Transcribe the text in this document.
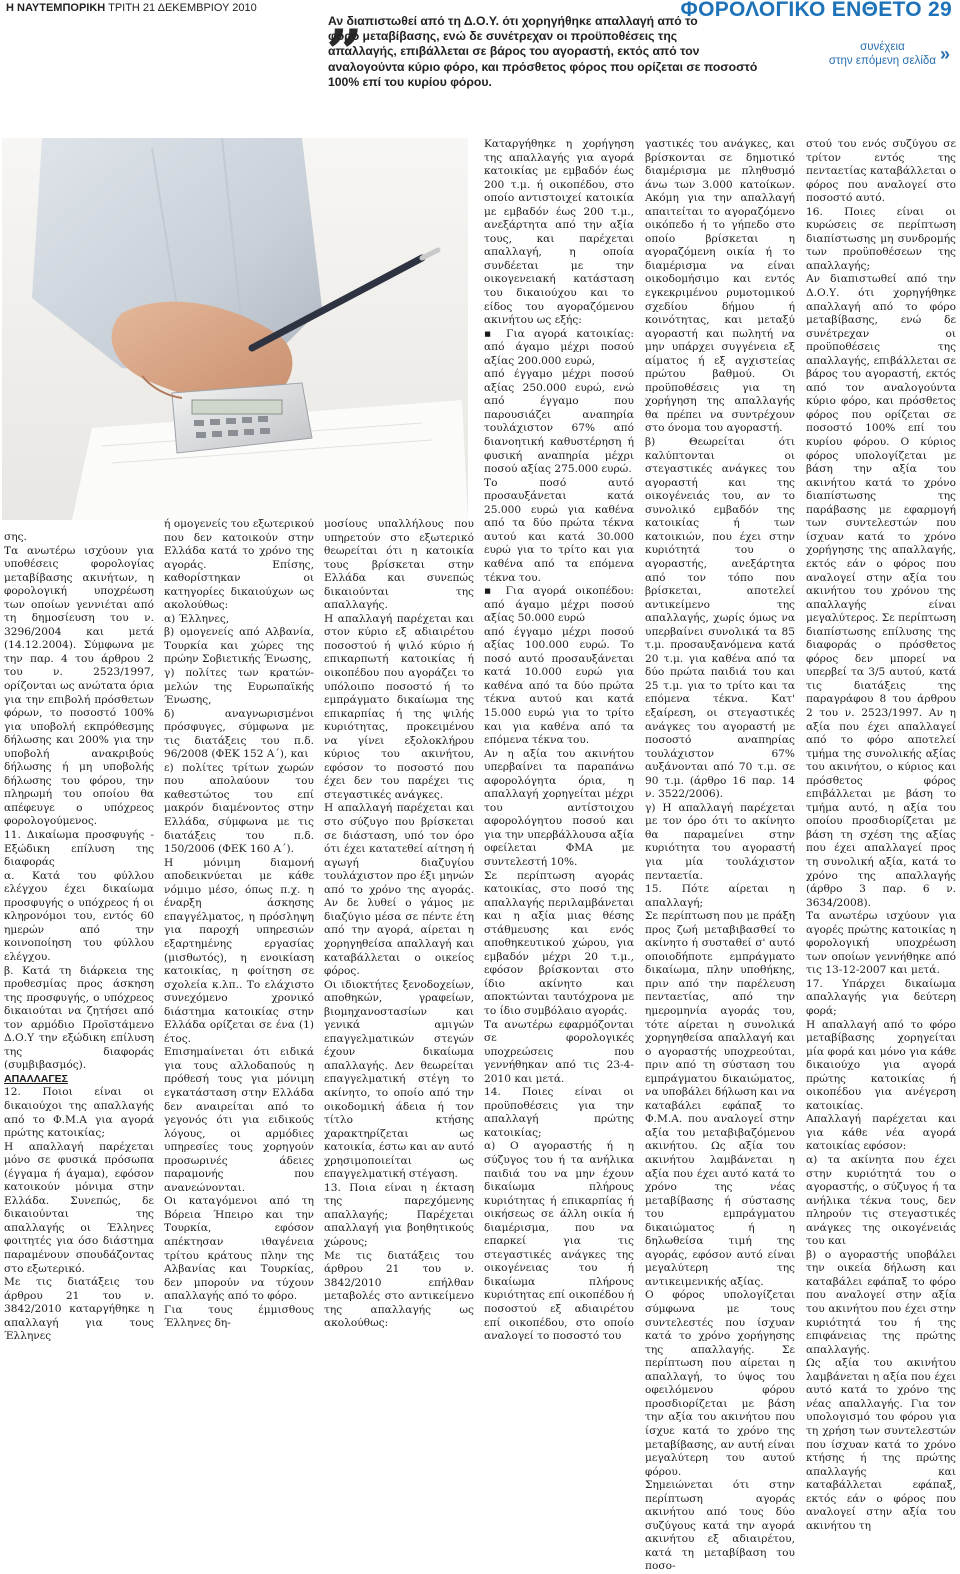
Η ΝΑΥΤΕΜΠΟΡΙΚΗ ΤΡΙΤΗ 21 ΔΕΚΕΜΒΡΙΟΥ 2010	ΦΟΡΟΛΟΓΙΚΟ ΕΝΘΕΤΟ 29
συνέχεια
στην επόμενη σελίδα »
”

Αν διαπιστωθεί από τη Δ.Ο.Υ. ότι χορηγήθηκε απαλλαγή από το

φόρο μεταβίβασης, ενώ δε συνέτρεχαν οι προϋποθέσεις της

απαλλαγής, επιβάλλεται σε βάρος του αγοραστή, εκτός από τον

αναλογούντα κύριο φόρο, και πρόσθετος φόρος που ορίζεται σε ποσοστό

100% επί του κυρίου φόρου.

σης.

Τα ανωτέρω ισχύουν για υποθέσεις φορολογίας μεταβίβασης ακινήτων, η φορολογική υποχρέωση των οποίων γεννιέται από τη δημοσίευση του ν. 3296/2004 και μετά (14.12.2004). Σύμφωνα με την παρ. 4 του άρθρου 2 του ν. 2523/1997, ορίζονται ως ανώτατα όρια για την επιβολή πρόσθετων φόρων, το ποσοστό 100% για υποβολή εκπρόθεσμης δήλωσης και 200% για την υποβολή ανακριβούς δήλωσης ή μη υποβολής δήλωσης του φόρου, την πληρωμή του οποίου θα απέφευγε ο υπόχρεος φορολογούμενος.

11. Δικαίωμα προσφυγής - Εξώδικη επίλυση της διαφοράς

α. Κατά του φύλλου ελέγχου έχει δικαίωμα προσφυγής ο υπόχρεος ή οι κληρονόμοι του, εντός 60 ημερών από την κοινοποίηση του φύλλου ελέγχου.

β. Κατά τη διάρκεια της προθεσμίας προς άσκηση της προσφυγής, ο υπόχρεος δικαιούται να ζητήσει από τον αρμόδιο Προϊστάμενο Δ.Ο.Υ την εξώδικη επίλυση της διαφοράς (συμβιβασμός).

ΑΠΑΛΛΑΓΕΣ

12. Ποιοι είναι οι δικαιούχοι της απαλλαγής από το Φ.Μ.Α για αγορά πρώτης κατοικίας;

Η απαλλαγή παρέχεται μόνο σε φυσικά πρόσωπα (έγγαμα ή άγαμα), εφόσον κατοικούν μόνιμα στην Ελλάδα. Συνεπώς, δε δικαιούνται της απαλλαγής οι Έλληνες φοιτητές για όσο διάστημα παραμένουν σπουδάζοντας στο εξωτερικό.

Με τις διατάξεις του άρθρου 21 του ν. 3842/2010 καταργήθηκε η απαλλαγή για τους Έλληνες

ή ομογενείς του εξωτερικού που δεν κατοικούν στην Ελλάδα κατά το χρόνο της αγοράς. Επίσης, καθορίστηκαν οι κατηγορίες δικαιούχων ως ακολούθως:

α) Έλληνες,

β) ομογενείς από Αλβανία, Τουρκία και χώρες της πρώην Σοβιετικής Ένωσης,

γ) πολίτες των κρατών-μελών της Ευρωπαϊκής Ένωσης,

δ) αναγνωρισμένοι πρόσφυγες, σύμφωνα με τις διατάξεις του π.δ. 96/2008 (ΦΕΚ 152 Α΄), και

ε) πολίτες τρίτων χωρών που απολαύουν του καθεστώτος του επί μακρόν διαμένοντος στην Ελλάδα, σύμφωνα με τις διατάξεις του π.δ. 150/2006 (ΦΕΚ 160 Α΄).

Η μόνιμη διαμονή αποδεικνύεται με κάθε νόμιμο μέσο, όπως π.χ. η έναρξη άσκησης επαγγέλματος, η πρόσληψη για παροχή υπηρεσιών εξαρτημένης εργασίας (μισθωτός), η ενοικίαση κατοικίας, η φοίτηση σε σχολεία κ.λπ.. Το ελάχιστο συνεχόμενο χρονικό διάστημα κατοικίας στην Ελλάδα ορίζεται σε ένα (1) έτος.

Επισημαίνεται ότι ειδικά για τους αλλοδαπούς η πρόθεσή τους για μόνιμη εγκατάσταση στην Ελλάδα δεν αναιρείται από το γεγονός ότι για ειδικούς λόγους, οι αρμόδιες υπηρεσίες τους χορηγούν προσωρινές άδειες παραμονής που ανανεώνονται.

Οι καταγόμενοι από τη Βόρεια Ήπειρο και την Τουρκία, εφόσον απέκτησαν ιθαγένεια τρίτου κράτους πλην της Αλβανίας και Τουρκίας, δεν μπορούν να τύχουν απαλλαγής από το φόρο.

Για τους έμμισθους Έλληνες δη-

μοσίους υπαλλήλους που υπηρετούν στο εξωτερικό θεωρείται ότι η κατοικία τους βρίσκεται στην Ελλάδα και συνεπώς δικαιούνται της απαλλαγής.

Η απαλλαγή παρέχεται και στον κύριο εξ αδιαιρέτου ποσοστού ή ψιλό κύριο ή επικαρπωτή κατοικίας ή οικοπέδου που αγοράζει το υπόλοιπο ποσοστό ή το εμπράγματο δικαίωμα της επικαρπίας ή της ψιλής κυριότητας, προκειμένου να γίνει εξολοκλήρου κύριος του ακινήτου, εφόσον το ποσοστό που έχει δεν του παρέχει τις στεγαστικές ανάγκες.

Η απαλλαγή παρέχεται και στο σύζυγο που βρίσκεται σε διάσταση, υπό τον όρο ότι έχει κατατεθεί αίτηση ή αγωγή διαζυγίου τουλάχιστον προ έξι μηνών από το χρόνο της αγοράς. Αν δε λυθεί ο γάμος με διαζύγιο μέσα σε πέντε έτη από την αγορά, αίρεται η χορηγηθείσα απαλλαγή και καταβάλλεται ο οικείος φόρος.

Οι ιδιοκτήτες ξενοδοχείων, αποθηκών, γραφείων, βιομηχανοστασίων και γενικά αμιγών επαγγελματικών στεγών έχουν δικαίωμα απαλλαγής. Δεν θεωρείται επαγγελματική στέγη το ακίνητο, το οποίο από την οικοδομική άδεια ή τον τίτλο κτήσης χαρακτηρίζεται ως κατοικία, έστω και αν αυτό χρησιμοποιείται ως επαγγελματική στέγαση.

13. Ποια είναι η έκταση της παρεχόμενης απαλλαγής; Παρέχεται απαλλαγή για βοηθητικούς χώρους;

Με τις διατάξεις του άρθρου 21 του ν. 3842/2010 επήλθαν μεταβολές στο αντικείμενο της απαλλαγής ως ακολούθως:

Καταργήθηκε η χορήγηση της απαλλαγής για αγορά κατοικίας με εμβαδόν έως 200 τ.μ. ή οικοπέδου, στο οποίο αντιστοιχεί κατοικία με εμβαδόν έως 200 τ.μ., ανεξάρτητα από την αξία τους, και παρέχεται απαλλαγή, η οποία συνδέεται με την οικογενειακή κατάσταση του δικαιούχου και το είδος του αγοραζόμενου ακινήτου ως εξής:

▪ Για αγορά κατοικίας: από άγαμο μέχρι ποσού αξίας 200.000 ευρώ,

από έγγαμο μέχρι ποσού αξίας 250.000 ευρώ, ενώ από έγγαμο που παρουσιάζει αναπηρία τουλάχιστον 67% από διανοητική καθυστέρηση ή φυσική αναπηρία μέχρι ποσού αξίας 275.000 ευρώ.

Το ποσό αυτό προσαυξάνεται κατά 25.000 ευρώ για καθένα από τα δύο πρώτα τέκνα αυτού και κατά 30.000 ευρώ για το τρίτο και για καθένα από τα επόμενα τέκνα του.

▪ Για αγορά οικοπέδου: από άγαμο μέχρι ποσού αξίας 50.000 ευρώ

από έγγαμο μέχρι ποσού αξίας 100.000 ευρώ. Το ποσό αυτό προσαυξάνεται κατά 10.000 ευρώ για καθένα από τα δύο πρώτα τέκνα αυτού και κατά 15.000 ευρώ για το τρίτο και για καθένα από τα επόμενα τέκνα του.

Αν η αξία του ακινήτου υπερβαίνει τα παραπάνω αφορολόγητα όρια, η απαλλαγή χορηγείται μέχρι του αντίστοιχου αφορολόγητου ποσού και για την υπερβάλλουσα αξία οφείλεται ΦΜΑ με συντελεστή 10%.

Σε περίπτωση αγοράς κατοικίας, στο ποσό της απαλλαγής περιλαμβάνεται και η αξία μιας θέσης στάθμευσης και ενός αποθηκευτικού χώρου, για εμβαδόν μέχρι 20 τ.μ., εφόσον βρίσκονται στο ίδιο ακίνητο και αποκτώνται ταυτόχρονα με το ίδιο συμβόλαιο αγοράς.

Τα ανωτέρω εφαρμόζονται σε φορολογικές υποχρεώσεις που γεννήθηκαν από τις 23-4-2010 και μετά.

14. Ποιες είναι οι προϋποθέσεις για την απαλλαγή πρώτης κατοικίας;

α) Ο αγοραστής ή η σύζυγος του ή τα ανήλικα παιδιά του να μην έχουν δικαίωμα πλήρους κυριότητας ή επικαρπίας ή οικήσεως σε άλλη οικία ή διαμέρισμα, που να επαρκεί για τις στεγαστικές ανάγκες της οικογένειας του ή δικαίωμα πλήρους κυριότητας επί οικοπέδου ή ποσοστού εξ αδιαιρέτου επί οικοπέδου, στο οποίο αναλογεί το ποσοστό του

γαστικές του ανάγκες, και βρίσκονται σε δημοτικό διαμέρισμα με πληθυσμό άνω των 3.000 κατοίκων. Ακόμη για την απαλλαγή απαιτείται το αγοραζόμενο οικόπεδο ή το γήπεδο στο οποίο βρίσκεται η αγοραζόμενη οικία ή το διαμέρισμα να είναι οικοδομήσιμο και εντός εγκεκριμένου ρυμοτομικού σχεδίου δήμου ή κοινότητας, και μεταξύ αγοραστή και πωλητή να μην υπάρχει συγγένεια εξ αίματος ή εξ αγχιστείας πρώτου βαθμού. Οι προϋποθέσεις για τη χορήγηση της απαλλαγής θα πρέπει να συντρέχουν στο όνομα του αγοραστή.

β) Θεωρείται ότι καλύπτονται οι στεγαστικές ανάγκες του αγοραστή και της οικογένειάς του, αν το συνολικό εμβαδόν της κατοικίας ή των κατοικιών, που έχει στην κυριότητά του ο αγοραστής, ανεξάρτητα από τον τόπο που βρίσκεται, αποτελεί αντικείμενο της απαλλαγής, χωρίς όμως να υπερβαίνει συνολικά τα 85 τ.μ. προσαυξανόμενα κατά 20 τ.μ. για καθένα από τα δύο πρώτα παιδιά του και 25 τ.μ. για το τρίτο και τα επόμενα τέκνα. Κατ' εξαίρεση, οι στεγαστικές ανάγκες του αγοραστή με ποσοστό αναπηρίας τουλάχιστον 67% αυξάνονται από 70 τ.μ. σε 90 τ.μ. (άρθρο 16 παρ. 14 ν. 3522/2006).

γ) Η απαλλαγή παρέχεται με τον όρο ότι το ακίνητο θα παραμείνει στην κυριότητα του αγοραστή για μία τουλάχιστον πενταετία.

15. Πότε αίρεται η απαλλαγή;

Σε περίπτωση που με πράξη προς ζωή μεταβιβασθεί το ακίνητο ή συσταθεί σ' αυτό οποιοδήποτε εμπράγματο δικαίωμα, πλην υποθήκης, πριν από την παρέλευση πενταετίας, από την ημερομηνία αγοράς του, τότε αίρεται η συνολικά χορηγηθείσα απαλλαγή και ο αγοραστής υποχρεούται, πριν από τη σύσταση του εμπράγματου δικαιώματος, να υποβάλει δήλωση και να καταβάλει εφάπαξ το Φ.Μ.Α. που αναλογεί στην αξία του μεταβιβαζόμενου ακινήτου. Ως αξία του ακινήτου λαμβάνεται η αξία που έχει αυτό κατά το χρόνο της νέας μεταβίβασης ή σύστασης του εμπράγματου δικαιώματος ή η δηλωθείσα τιμή της αγοράς, εφόσον αυτό είναι μεγαλύτερη της αντικειμενικής αξίας.

Ο φόρος υπολογίζεται σύμφωνα με τους συντελεστές που ίσχυαν κατά το χρόνο χορήγησης της απαλλαγής. Σε περίπτωση που αίρεται η απαλλαγή, το ύψος του οφειλόμενου φόρου προσδιορίζεται με βάση την αξία του ακινήτου που ίσχυε κατά το χρόνο της μεταβίβασης, αν αυτή είναι μεγαλύτερη του αυτού φόρου.

Σημειώνεται ότι στην περίπτωση αγοράς ακινήτου από τους δύο συζύγους κατά την αγορά ακινήτου εξ αδιαιρέτου, κατά τη μεταβίβαση του ποσο-

στού του ενός συζύγου σε τρίτον εντός της πενταετίας καταβάλλεται ο φόρος που αναλογεί στο ποσοστό αυτό.

16. Ποιες είναι οι κυρώσεις σε περίπτωση διαπίστωσης μη συνδρομής των προϋποθέσεων της απαλλαγής;

Αν διαπιστωθεί από την Δ.Ο.Υ. ότι χορηγήθηκε απαλλαγή από το φόρο μεταβίβασης, ενώ δε συνέτρεχαν οι προϋποθέσεις της απαλλαγής, επιβάλλεται σε βάρος του αγοραστή, εκτός από τον αναλογούντα κύριο φόρο, και πρόσθετος φόρος που ορίζεται σε ποσοστό 100% επί του κυρίου φόρου. Ο κύριος φόρος υπολογίζεται με βάση την αξία του ακινήτου κατά το χρόνο διαπίστωσης της παράβασης με εφαρμογή των συντελεστών που ίσχυαν κατά το χρόνο χορήγησης της απαλλαγής, εκτός εάν ο φόρος που αναλογεί στην αξία του ακινήτου του χρόνου της απαλλαγής είναι μεγαλύτερος. Σε περίπτωση διαπίστωσης επίλυσης της διαφοράς ο πρόσθετος φόρος δεν μπορεί να υπερβεί τα 3/5 αυτού, κατά τις διατάξεις της παραγράφου 8 του άρθρου 2 του ν. 2523/1997. Αν η αξία που έχει απαλλαγεί από το φόρο αποτελεί τμήμα της συνολικής αξίας του ακινήτου, ο κύριος και πρόσθετος φόρος επιβάλλεται με βάση το τμήμα αυτό, η αξία του οποίου προσδιορίζεται με βάση τη σχέση της αξίας που έχει απαλλαγεί προς τη συνολική αξία, κατά το χρόνο της απαλλαγής (άρθρο 3 παρ. 6 ν. 3634/2008).

Τα ανωτέρω ισχύουν για αγορές πρώτης κατοικίας η φορολογική υποχρέωση των οποίων γεννήθηκε από τις 13-12-2007 και μετά.

17. Υπάρχει δικαίωμα απαλλαγής για δεύτερη φορά;

Η απαλλαγή από το φόρο μεταβίβασης χορηγείται μία φορά και μόνο για κάθε δικαιούχο για αγορά πρώτης κατοικίας ή οικοπέδου για ανέγερση κατοικίας.

Απαλλαγή παρέχεται και για κάθε νέα αγορά κατοικίας εφόσον:

α) τα ακίνητα που έχει στην κυριότητά του ο αγοραστής, ο σύζυγος ή τα ανήλικα τέκνα τους, δεν πληρούν τις στεγαστικές ανάγκες της οικογένειάς του και

β) ο αγοραστής υποβάλει την οικεία δήλωση και καταβάλει εφάπαξ το φόρο που αναλογεί στην αξία του ακινήτου που έχει στην κυριότητά του ή της επιφάνειας της πρώτης απαλλαγής.

Ως αξία του ακινήτου λαμβάνεται η αξία που έχει αυτό κατά το χρόνο της νέας απαλλαγής. Για τον υπολογισμό του φόρου για τη χρήση των συντελεστών που ίσχυαν κατά το χρόνο κτήσης ή της πρώτης απαλλαγής και καταβάλλεται εφάπαξ, εκτός εάν ο φόρος που αναλογεί στην αξία του ακινήτου τη
